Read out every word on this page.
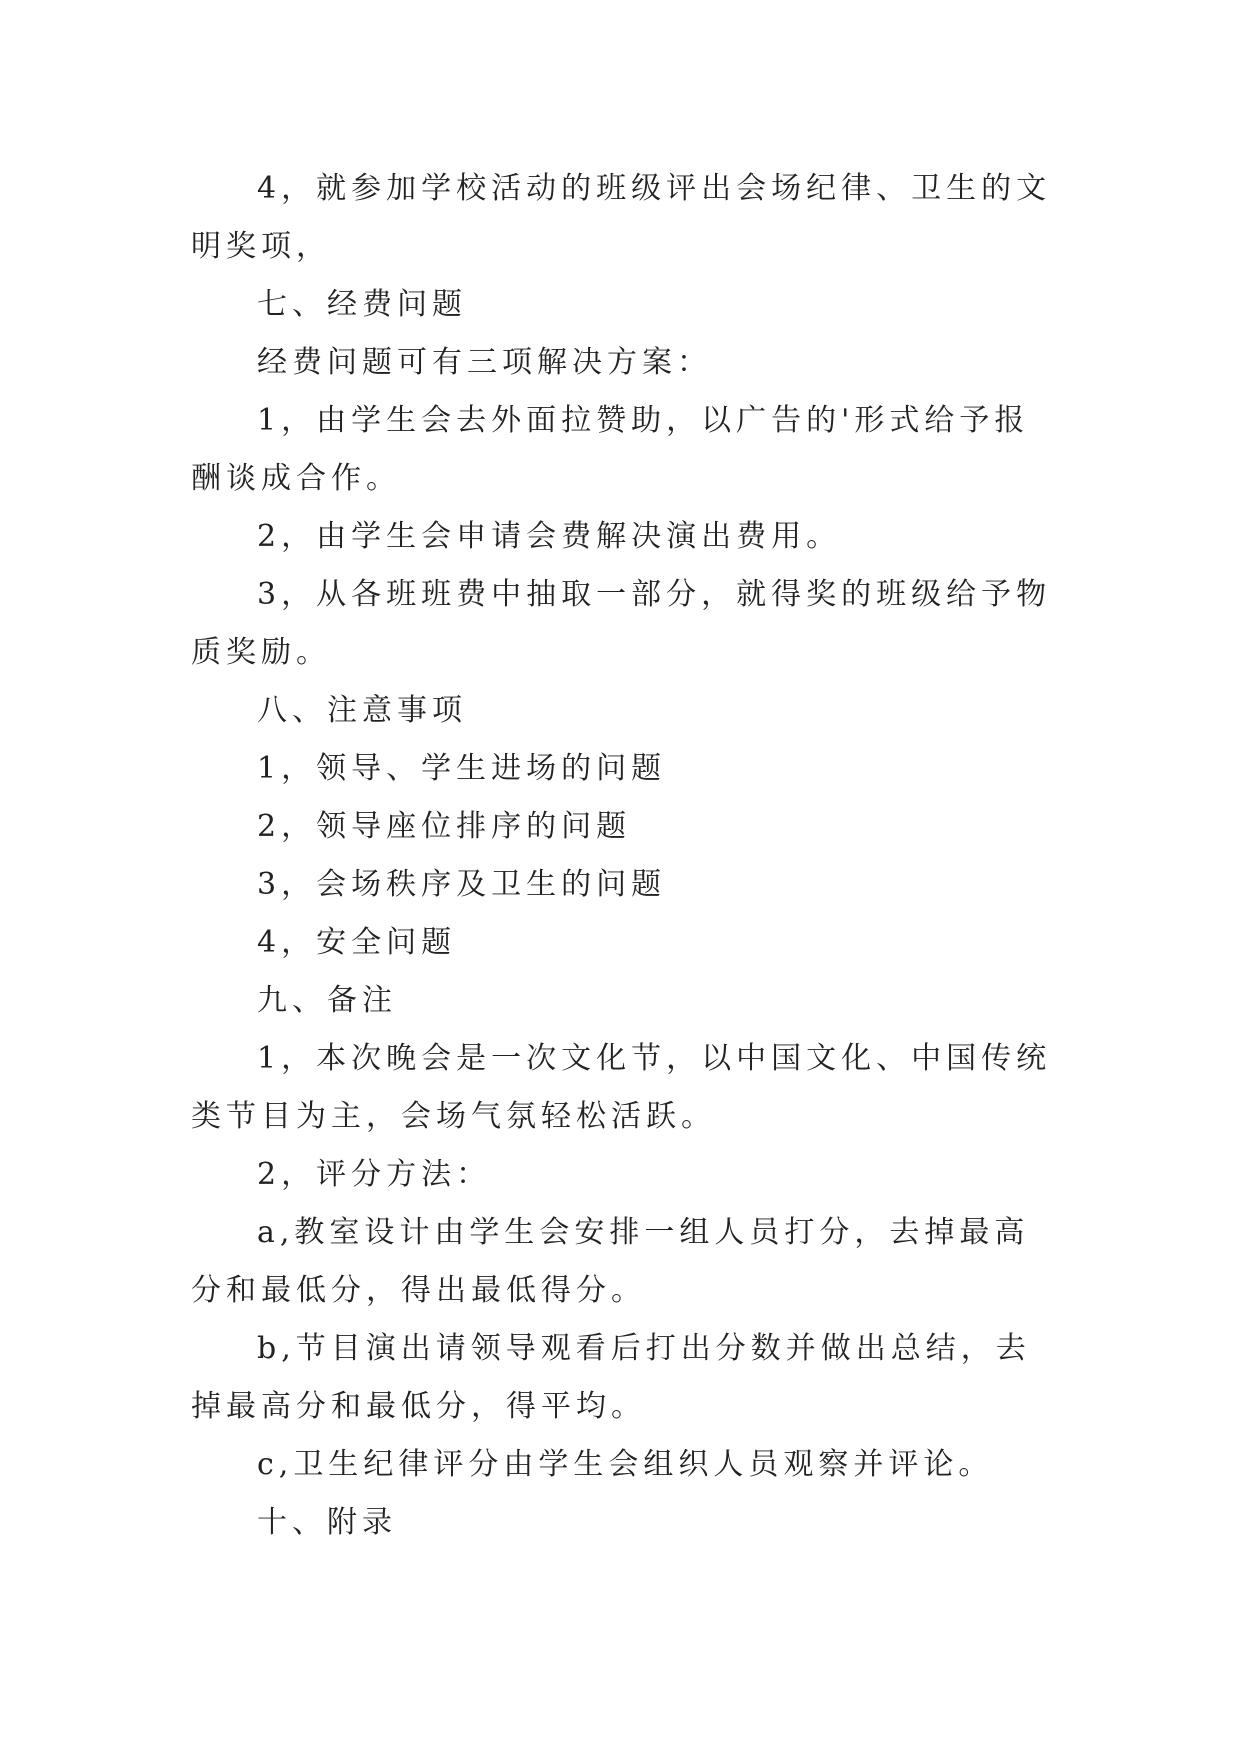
4，就参加学校活动的班级评出会场纪律、卫生的文明奖项，

七、经费问题

经费问题可有三项解决方案：

1，由学生会去外面拉赞助，以广告的'形式给予报酬谈成合作。

2，由学生会申请会费解决演出费用。

3，从各班班费中抽取一部分，就得奖的班级给予物质奖励。

八、注意事项

1，领导、学生进场的问题

2，领导座位排序的问题

3，会场秩序及卫生的问题

4，安全问题

九、备注

1，本次晚会是一次文化节，以中国文化、中国传统类节目为主，会场气氛轻松活跃。

2，评分方法：

a,教室设计由学生会安排一组人员打分，去掉最高分和最低分，得出最低得分。

b,节目演出请领导观看后打出分数并做出总结，去掉最高分和最低分，得平均。

c,卫生纪律评分由学生会组织人员观察并评论。

十、附录
